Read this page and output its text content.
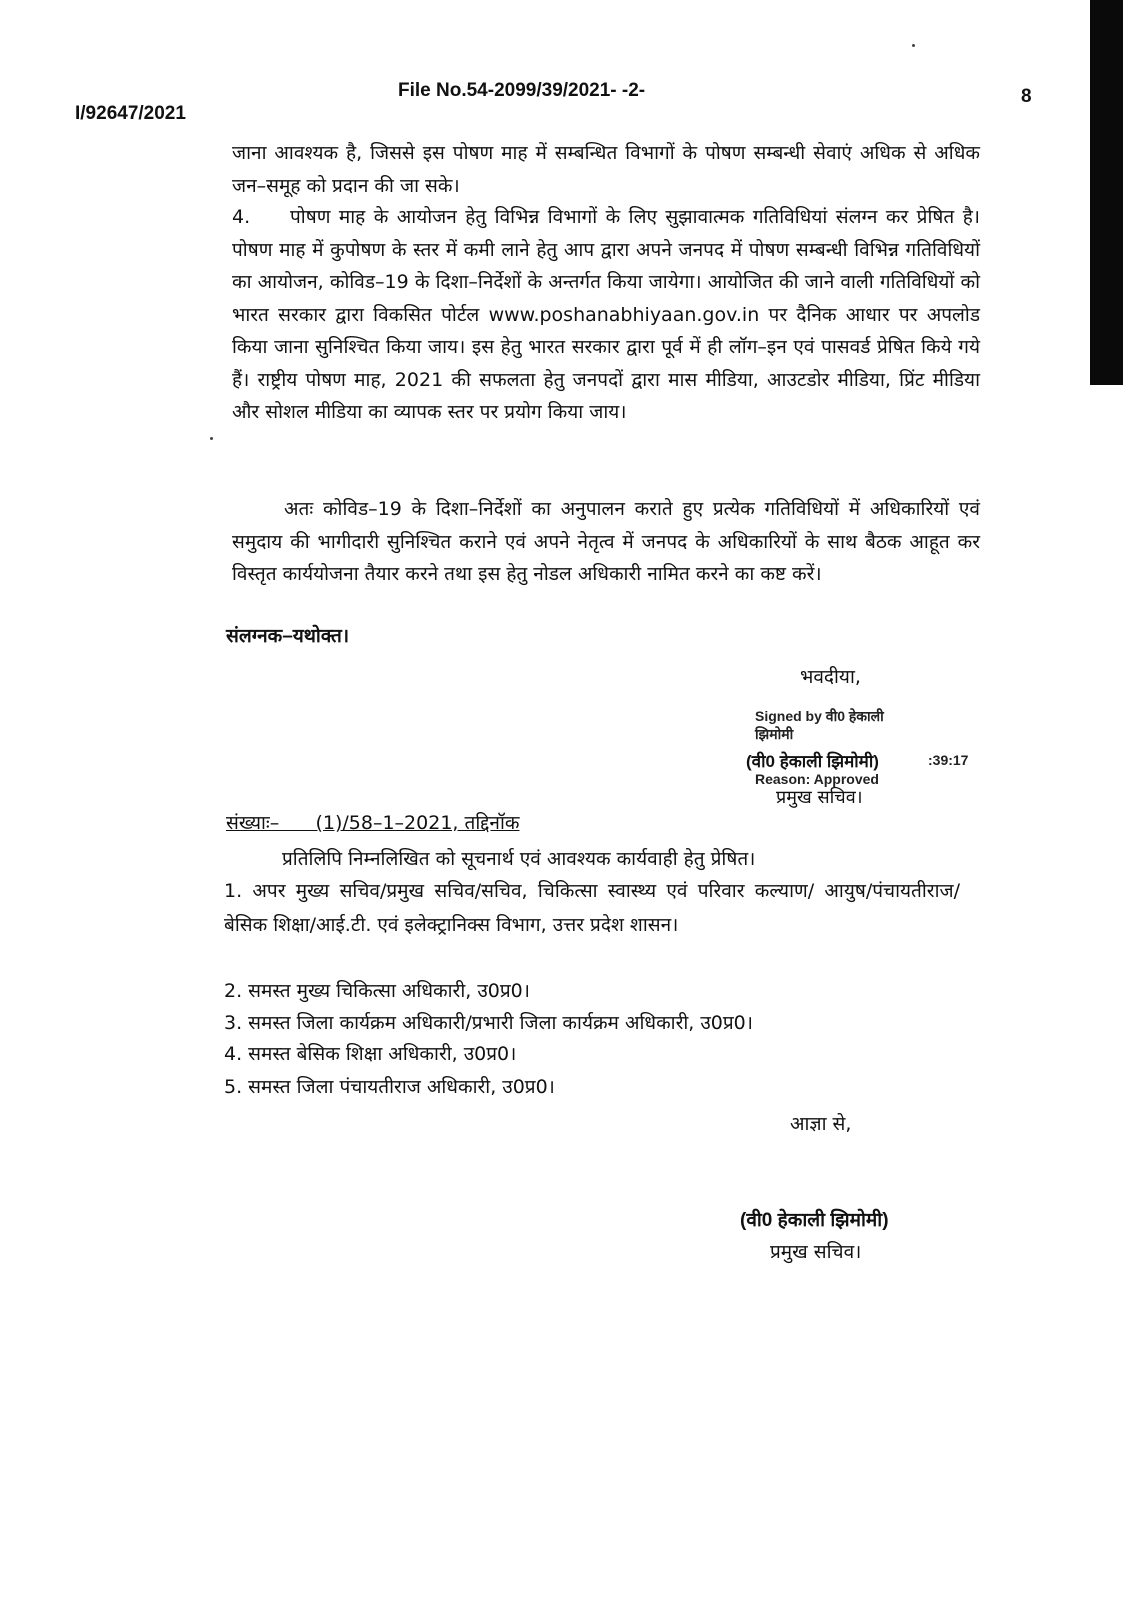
File No.54-2099/39/2021- -2-
I/92647/2021
8
जाना आवश्यक है, जिससे इस पोषण माह में सम्बन्धित विभागों के पोषण सम्बन्धी सेवाएं अधिक से अधिक जन–समूह को प्रदान की जा सके।
4. पोषण माह के आयोजन हेतु विभिन्न विभागों के लिए सुझावात्मक गतिविधियां संलग्न कर प्रेषित है। पोषण माह में कुपोषण के स्तर में कमी लाने हेतु आप द्वारा अपने जनपद में पोषण सम्बन्धी विभिन्न गतिविधियों का आयोजन, कोविड–19 के दिशा–निर्देशों के अन्तर्गत किया जायेगा। आयोजित की जाने वाली गतिविधियों को भारत सरकार द्वारा विकसित पोर्टल www.poshanabhiyaan.gov.in पर दैनिक आधार पर अपलोड किया जाना सुनिश्चित किया जाय। इस हेतु भारत सरकार द्वारा पूर्व में ही लॉग–इन एवं पासवर्ड प्रेषित किये गये हैं। राष्ट्रीय पोषण माह, 2021 की सफलता हेतु जनपदों द्वारा मास मीडिया, आउटडोर मीडिया, प्रिंट मीडिया और सोशल मीडिया का व्यापक स्तर पर प्रयोग किया जाय।
अतः कोविड–19 के दिशा–निर्देशों का अनुपालन कराते हुए प्रत्येक गतिविधियों में अधिकारियों एवं समुदाय की भागीदारी सुनिश्चित कराने एवं अपने नेतृत्व में जनपद के अधिकारियों के साथ बैठक आहूत कर विस्तृत कार्ययोजना तैयार करने तथा इस हेतु नोडल अधिकारी नामित करने का कष्ट करें।
संलग्नक–यथोक्त।
भवदीया,
Signed by वी0 हेकाली
झिमोमी
(वी0 हेकाली झिमोमी)	:39:17
Reason: Approved
प्रमुख सचिव।
संख्याः–      (1)/58–1–2021, तद्दिनॉक
प्रतिलिपि निम्नलिखित को सूचनार्थ एवं आवश्यक कार्यवाही हेतु प्रेषित।
1. अपर मुख्य सचिव/प्रमुख सचिव/सचिव, चिकित्सा स्वास्थ्य एवं परिवार कल्याण/ आयुष/पंचायतीराज/बेसिक शिक्षा/आई.टी. एवं इलेक्ट्रानिक्स विभाग, उत्तर प्रदेश शासन।
2. समस्त मुख्य चिकित्सा अधिकारी, उ0प्र0।
3. समस्त जिला कार्यक्रम अधिकारी/प्रभारी जिला कार्यक्रम अधिकारी, उ0प्र0।
4. समस्त बेसिक शिक्षा अधिकारी, उ0प्र0।
5. समस्त जिला पंचायतीराज अधिकारी, उ0प्र0।
आज्ञा से,
(वी0 हेकाली झिमोमी)
प्रमुख सचिव।
